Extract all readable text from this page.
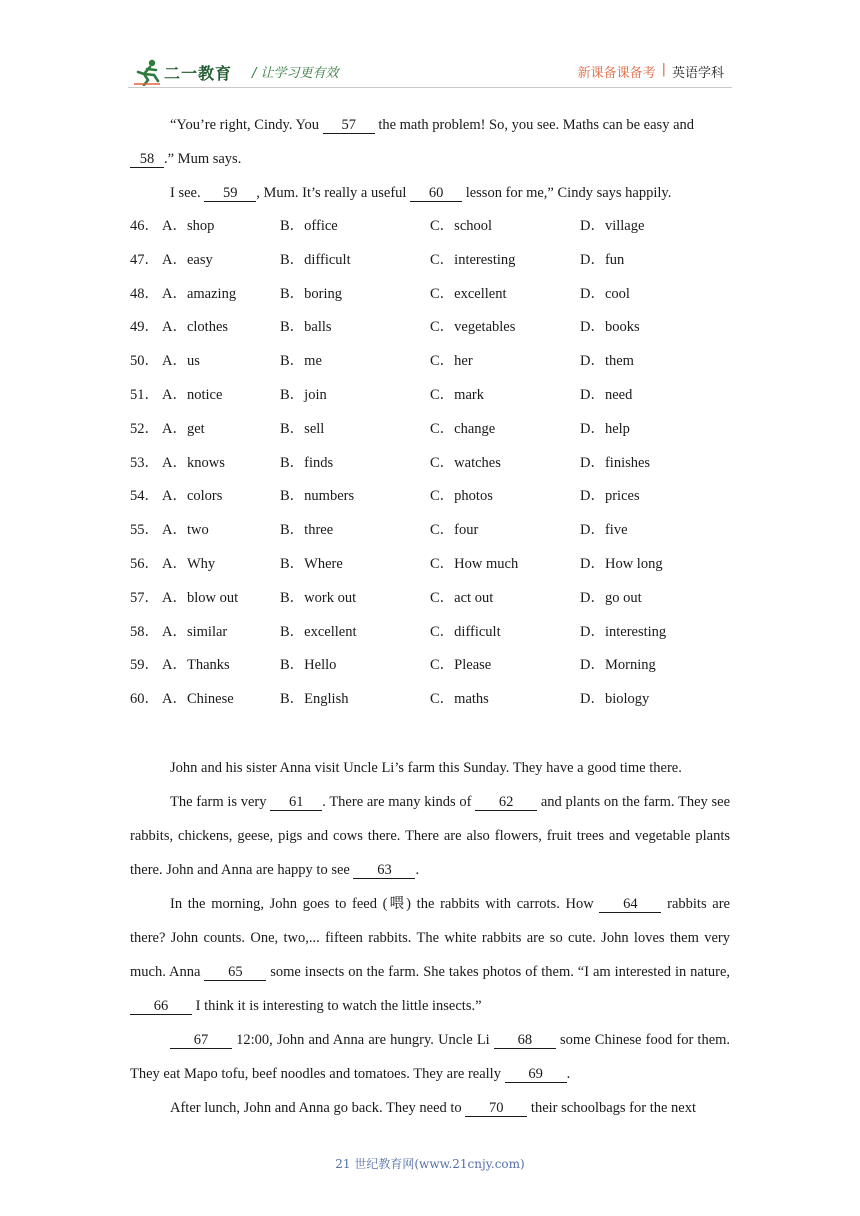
二一教育 / 让学习更有效	新课备课备考 | 英语学科

“You’re right, Cindy. You 57 the math problem! So, you see. Maths can be easy and

58 .” Mum says.

I see. 59 , Mum. It’s really a useful 60 lesson for me,” Cindy says happily.

46． A．shop	B．office	C．school	D．village
47． A．easy	B．difficult	C．interesting	D．fun
48． A．amazing	B．boring	C．excellent	D．cool
49． A．clothes	B．balls	C．vegetables	D．books
50． A．us	B．me	C．her	D．them
51． A．notice	B．join	C．mark	D．need
52． A．get	B．sell	C．change	D．help
53． A．knows	B．finds	C．watches	D．finishes
54． A．colors	B．numbers	C．photos	D．prices
55． A．two	B．three	C．four	D．five
56． A．Why	B．Where	C．How much	D．How long
57． A．blow out	B．work out	C．act out	D．go out
58． A．similar	B．excellent	C．difficult	D．interesting
59． A．Thanks	B．Hello	C．Please	D．Morning
60． A．Chinese	B．English	C．maths	D．biology

John and his sister Anna visit Uncle Li’s farm this Sunday. They have a good time there.

The farm is very 61 . There are many kinds of 62 and plants on the farm. They see rabbits, chickens, geese, pigs and cows there. There are also flowers, fruit trees and vegetable plants there. John and Anna are happy to see 63 .

In the morning, John goes to feed (喂) the rabbits with carrots. How 64 rabbits are there? John counts. One, two,... fifteen rabbits. The white rabbits are so cute. John loves them very much. Anna 65 some insects on the farm. She takes photos of them. “I am interested in nature, 66 I think it is interesting to watch the little insects.”

67 12:00, John and Anna are hungry. Uncle Li 68 some Chinese food for them. They eat Mapo tofu, beef noodles and tomatoes. They are really 69 .

After lunch, John and Anna go back. They need to 70 their schoolbags for the next

21 世纪教育网(www.21cnjy.com)
